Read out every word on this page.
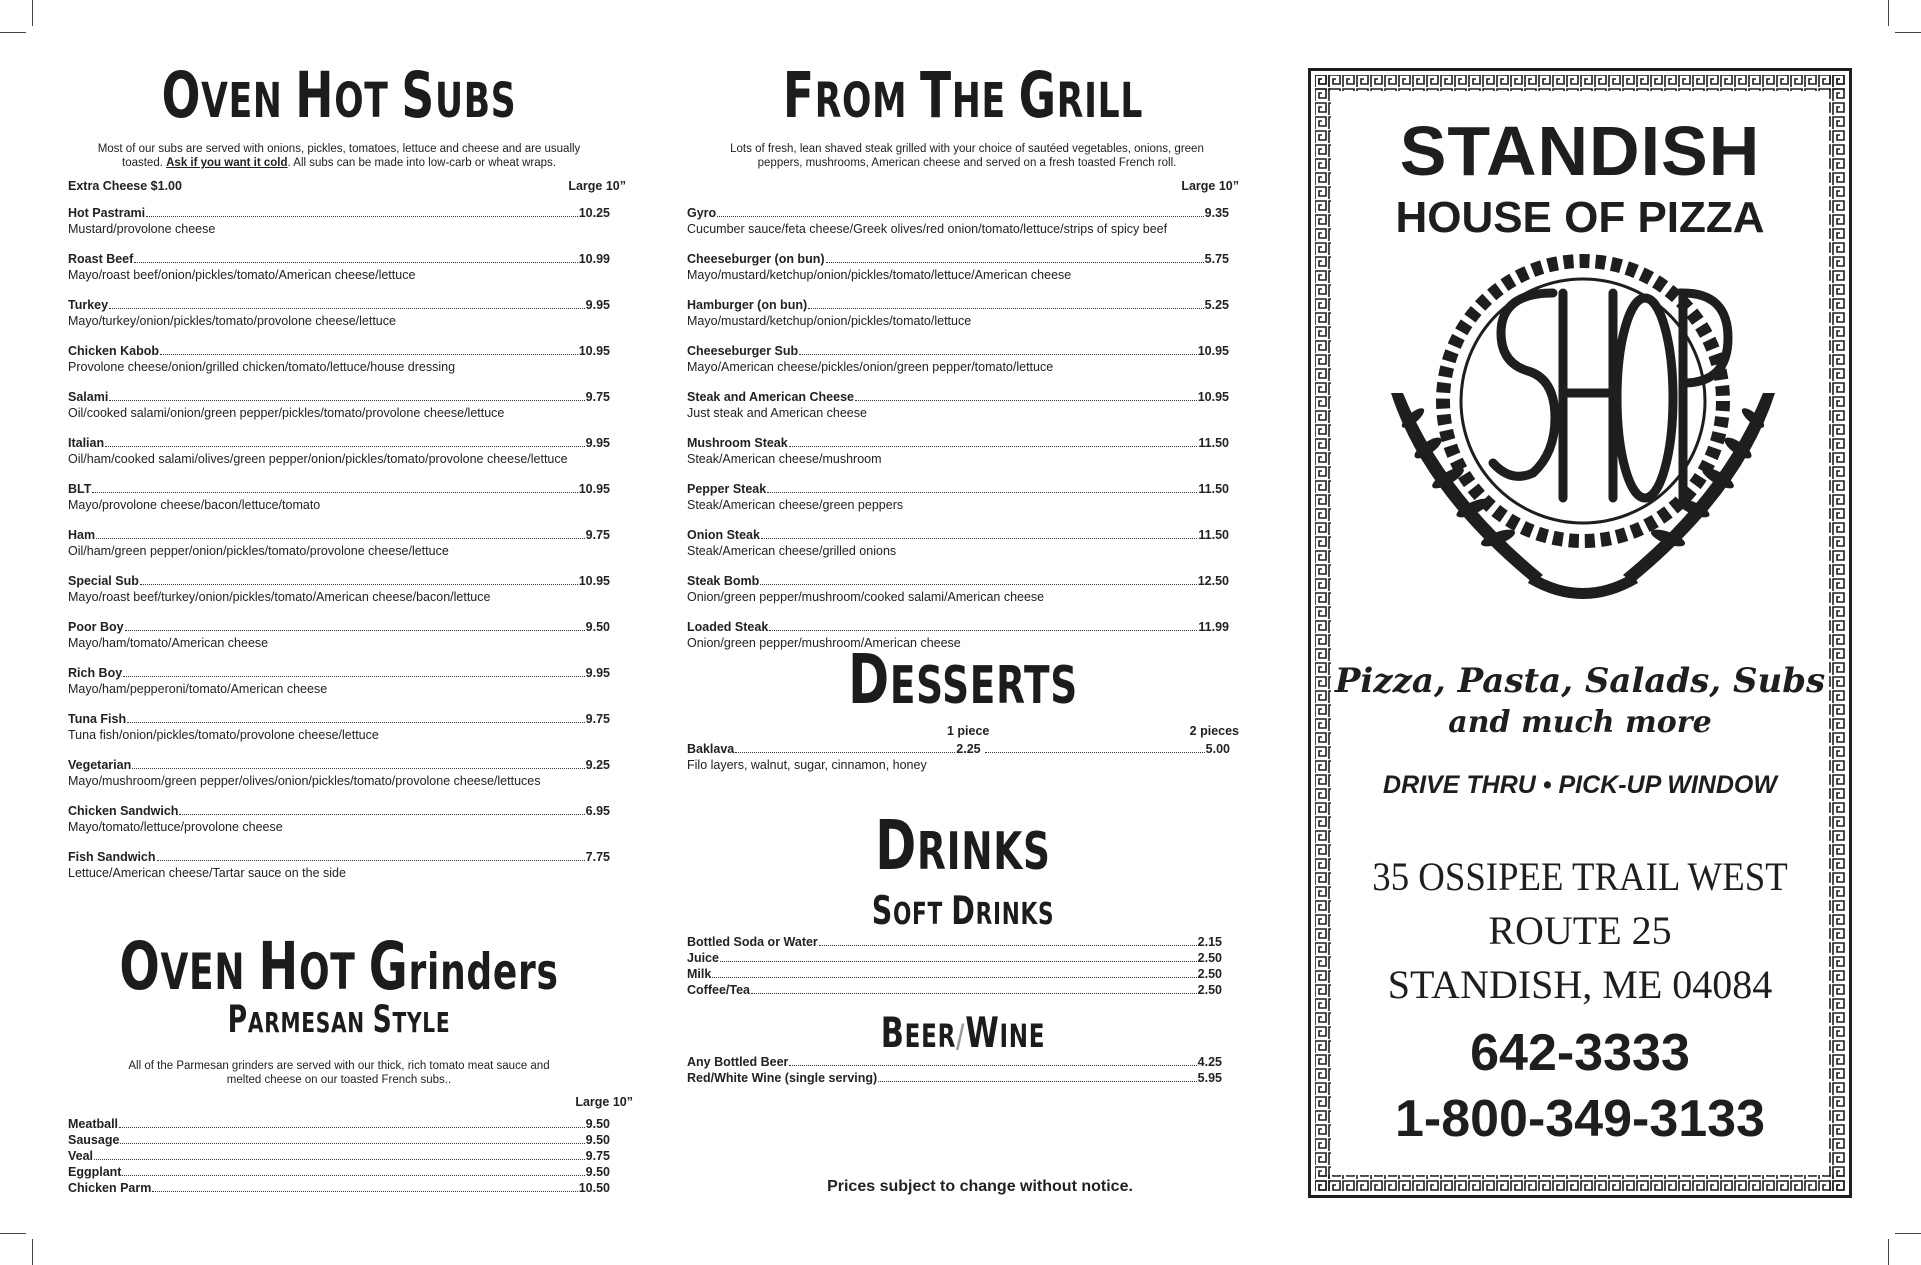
OVEN HOT SUBS
Most of our subs are served with onions, pickles, tomatoes, lettuce and cheese and are usually toasted. Ask if you want it cold. All subs can be made into low-carb or wheat wraps.
Extra Cheese $1.00	Large 10”
Hot Pastrami	10.25
Mustard/provolone cheese
Roast Beef	10.99
Mayo/roast beef/onion/pickles/tomato/American cheese/lettuce
Turkey	9.95
Mayo/turkey/onion/pickles/tomato/provolone cheese/lettuce
Chicken Kabob	10.95
Provolone cheese/onion/grilled chicken/tomato/lettuce/house dressing
Salami	9.75
Oil/cooked salami/onion/green pepper/pickles/tomato/provolone cheese/lettuce
Italian	9.95
Oil/ham/cooked salami/olives/green pepper/onion/pickles/tomato/provolone cheese/lettuce
BLT	10.95
Mayo/provolone cheese/bacon/lettuce/tomato
Ham	9.75
Oil/ham/green pepper/onion/pickles/tomato/provolone cheese/lettuce
Special Sub	10.95
Mayo/roast beef/turkey/onion/pickles/tomato/American cheese/bacon/lettuce
Poor Boy	9.50
Mayo/ham/tomato/American cheese
Rich Boy	9.95
Mayo/ham/pepperoni/tomato/American cheese
Tuna Fish	9.75
Tuna fish/onion/pickles/tomato/provolone cheese/lettuce
Vegetarian	9.25
Mayo/mushroom/green pepper/olives/onion/pickles/tomato/provolone cheese/lettuces
Chicken Sandwich	6.95
Mayo/tomato/lettuce/provolone cheese
Fish Sandwich	7.75
Lettuce/American cheese/Tartar sauce on the side
OVEN HOT Grinders
PARMESAN STYLE
All of the Parmesan grinders are served with our thick, rich tomato meat sauce and melted cheese on our toasted French subs..
Large 10”
Meatball	9.50
Sausage	9.50
Veal	9.75
Eggplant	9.50
Chicken Parm	10.50
FROM THE GRILL
Lots of fresh, lean shaved steak grilled with your choice of sautéed vegetables, onions, green peppers, mushrooms, American cheese and served on a fresh toasted French roll.
Large 10”
Gyro	9.35
Cucumber sauce/feta cheese/Greek olives/red onion/tomato/lettuce/strips of spicy beef
Cheeseburger (on bun)	5.75
Mayo/mustard/ketchup/onion/pickles/tomato/lettuce/American cheese
Hamburger (on bun)	5.25
Mayo/mustard/ketchup/onion/pickles/tomato/lettuce
Cheeseburger Sub	10.95
Mayo/American cheese/pickles/onion/green pepper/tomato/lettuce
Steak and American Cheese	10.95
Just steak and American cheese
Mushroom Steak	11.50
Steak/American cheese/mushroom
Pepper Steak	11.50
Steak/American cheese/green peppers
Onion Steak	11.50
Steak/American cheese/grilled onions
Steak Bomb	12.50
Onion/green pepper/mushroom/cooked salami/American cheese
Loaded Steak	11.99
Onion/green pepper/mushroom/American cheese
DESSERTS
1 piece	2 pieces
Baklava	2.25	5.00
Filo layers, walnut, sugar, cinnamon, honey
DRINKS
SOFT DRINKS
Bottled Soda or Water	2.15
Juice	2.50
Milk	2.50
Coffee/Tea	2.50
BEER/WINE
Any Bottled Beer	4.25
Red/White Wine (single serving)	5.95
Prices subject to change without notice.
STANDISH
HOUSE OF PIZZA
Pizza, Pasta, Salads, Subs
and much more
DRIVE THRU • PICK-UP WINDOW
35 OSSIPEE TRAIL WEST
ROUTE 25
STANDISH, ME 04084
642-3333
1-800-349-3133
